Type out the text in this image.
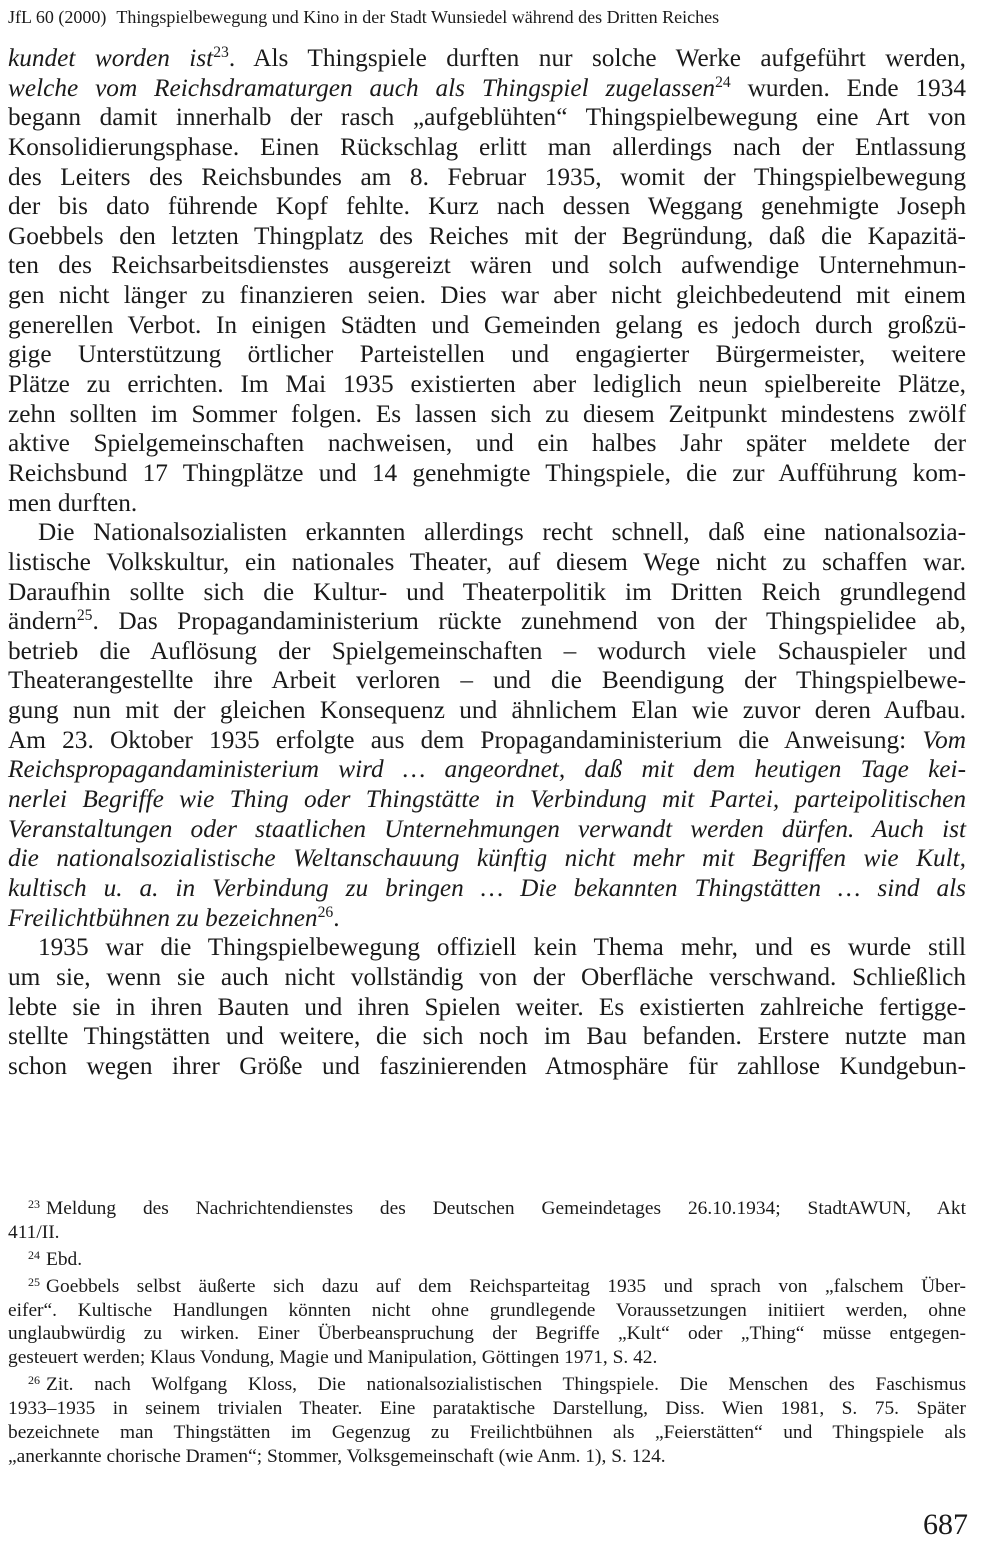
JfL 60 (2000) Thingspielbewegung und Kino in der Stadt Wunsiedel während des Dritten Reiches
kundet worden ist$^{23}$. Als Thingspiele durften nur solche Werke aufgeführt werden,
welche vom Reichsdramaturgen auch als Thingspiel zugelassen$^{24}$ wurden. Ende 1934
begann damit innerhalb der rasch „aufgeblühten“ Thingspielbewegung eine Art von
Konsolidierungsphase. Einen Rückschlag erlitt man allerdings nach der Entlassung
des Leiters des Reichsbundes am 8. Februar 1935, womit der Thingspielbewegung
der bis dato führende Kopf fehlte. Kurz nach dessen Weggang genehmigte Joseph
Goebbels den letzten Thingplatz des Reiches mit der Begründung, daß die Kapazitä-
ten des Reichsarbeitsdienstes ausgereizt wären und solch aufwendige Unternehmun-
gen nicht länger zu finanzieren seien. Dies war aber nicht gleichbedeutend mit einem
generellen Verbot. In einigen Städten und Gemeinden gelang es jedoch durch großzü-
gige Unterstützung örtlicher Parteistellen und engagierter Bürgermeister, weitere
Plätze zu errichten. Im Mai 1935 existierten aber lediglich neun spielbereite Plätze,
zehn sollten im Sommer folgen. Es lassen sich zu diesem Zeitpunkt mindestens zwölf
aktive Spielgemeinschaften nachweisen, und ein halbes Jahr später meldete der
Reichsbund 17 Thingplätze und 14 genehmigte Thingspiele, die zur Aufführung kom-
men durften.
Die Nationalsozialisten erkannten allerdings recht schnell, daß eine nationalsozia-
listische Volkskultur, ein nationales Theater, auf diesem Wege nicht zu schaffen war.
Daraufhin sollte sich die Kultur- und Theaterpolitik im Dritten Reich grundlegend
ändern$^{25}$. Das Propagandaministerium rückte zunehmend von der Thingspielidee ab,
betrieb die Auflösung der Spielgemeinschaften – wodurch viele Schauspieler und
Theaterangestellte ihre Arbeit verloren – und die Beendigung der Thingspielbewe-
gung nun mit der gleichen Konsequenz und ähnlichem Elan wie zuvor deren Aufbau.
Am 23. Oktober 1935 erfolgte aus dem Propagandaministerium die Anweisung: Vom
Reichspropagandaministerium wird … angeordnet, daß mit dem heutigen Tage kei-
nerlei Begriffe wie Thing oder Thingstätte in Verbindung mit Partei, parteipolitischen
Veranstaltungen oder staatlichen Unternehmungen verwandt werden dürfen. Auch ist
die nationalsozialistische Weltanschauung künftig nicht mehr mit Begriffen wie Kult,
kultisch u. a. in Verbindung zu bringen … Die bekannten Thingstätten … sind als
Freilichtbühnen zu bezeichnen$^{26}$.
1935 war die Thingspielbewegung offiziell kein Thema mehr, und es wurde still
um sie, wenn sie auch nicht vollständig von der Oberfläche verschwand. Schließlich
lebte sie in ihren Bauten und ihren Spielen weiter. Es existierten zahlreiche fertigge-
stellte Thingstätten und weitere, die sich noch im Bau befanden. Erstere nutzte man
schon wegen ihrer Größe und faszinierenden Atmosphäre für zahllose Kundgebun-
$^{23}$ Meldung des Nachrichtendienstes des Deutschen Gemeindetages 26.10.1934; StadtAWUN, Akt
411/II.
$^{24}$ Ebd.
$^{25}$ Goebbels selbst äußerte sich dazu auf dem Reichsparteitag 1935 und sprach von „falschem Über-
eifer“. Kultische Handlungen könnten nicht ohne grundlegende Voraussetzungen initiiert werden, ohne
unglaubwürdig zu wirken. Einer Überbeanspruchung der Begriffe „Kult“ oder „Thing“ müsse entgegen-
gesteuert werden; Klaus Vondung, Magie und Manipulation, Göttingen 1971, S. 42.
$^{26}$ Zit. nach Wolfgang Kloss, Die nationalsozialistischen Thingspiele. Die Menschen des Faschismus
1933–1935 in seinem trivialen Theater. Eine parataktische Darstellung, Diss. Wien 1981, S. 75. Später
bezeichnete man Thingstätten im Gegenzug zu Freilichtbühnen als „Feierstätten“ und Thingspiele als
„anerkannte chorische Dramen“; Stommer, Volksgemeinschaft (wie Anm. 1), S. 124.
687
